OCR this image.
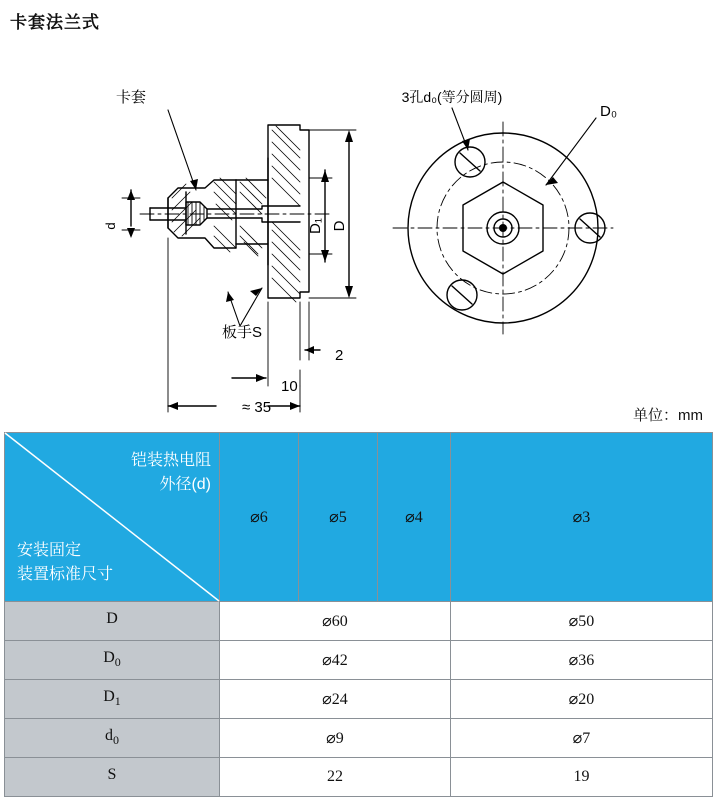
卡套法兰式
卡套
板手S
3孔d₀(等分圆周)
D₀
2
10
≈ 35
d	D₁ D
单位：mm
铠装热电阻
外径(d)
安装固定
装置标准尺寸	⌀6	⌀5	⌀4	⌀3
D	⌀60			⌀50
$D_0$	⌀42			⌀36
$D_1$	⌀24			⌀20
$d_0$	⌀9			⌀7
S	22			19
